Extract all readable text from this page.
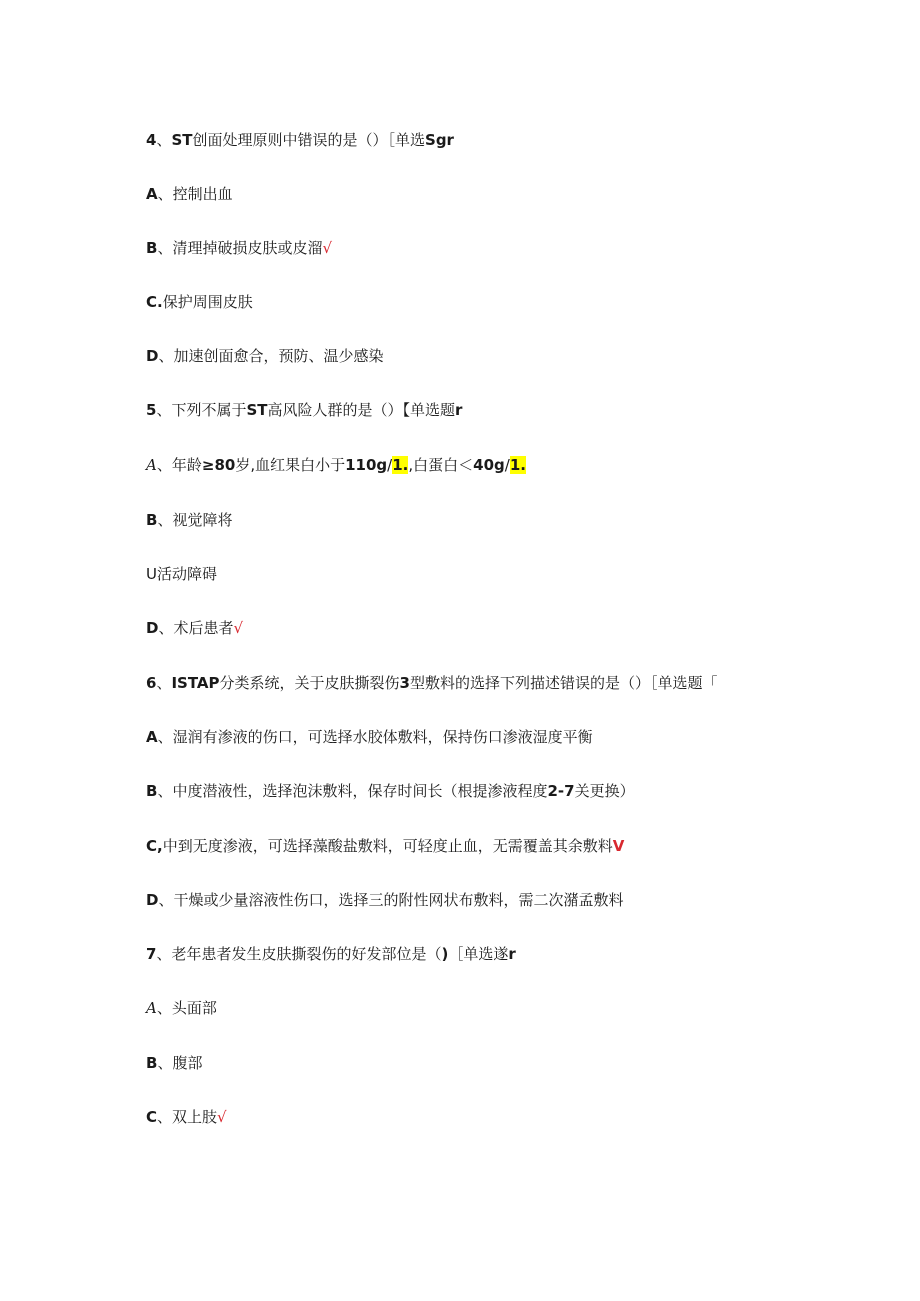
4、ST创面处理原则中错误的是（）［单选Sgr
A、控制出血
B、清理掉破损皮肤或皮溜√
C.保护周围皮肤
D、加速创面愈合，预防、温少感染
5、下列不属于ST高风险人群的是（）【单选题r
A、年龄≥80岁,血红果白小于110g/1.,白蛋白＜40g/1.
B、视觉障将
U活动障碍
D、术后患者√
6、ISTAP分类系统，关于皮肤撕裂伤3型敷料的选择下列描述错误的是（）［单选题「
A、湿润有渗液的伤口，可选择水胶体敷料，保持伤口渗液湿度平衡
B、中度潜液性，选择泡沫敷料，保存时间长（根提渗液程度2-7关更换）
C,中到无度渗液，可选择藻酸盐敷料，可轻度止血，无需覆盖其余敷料V
D、干燥或少量溶液性伤口，选择三的附性网状布敷料，需二次潴孟敷料
7、老年患者发生皮肤撕裂伤的好发部位是（)［单选遂r
A、头面部
B、腹部
C、双上肢√
